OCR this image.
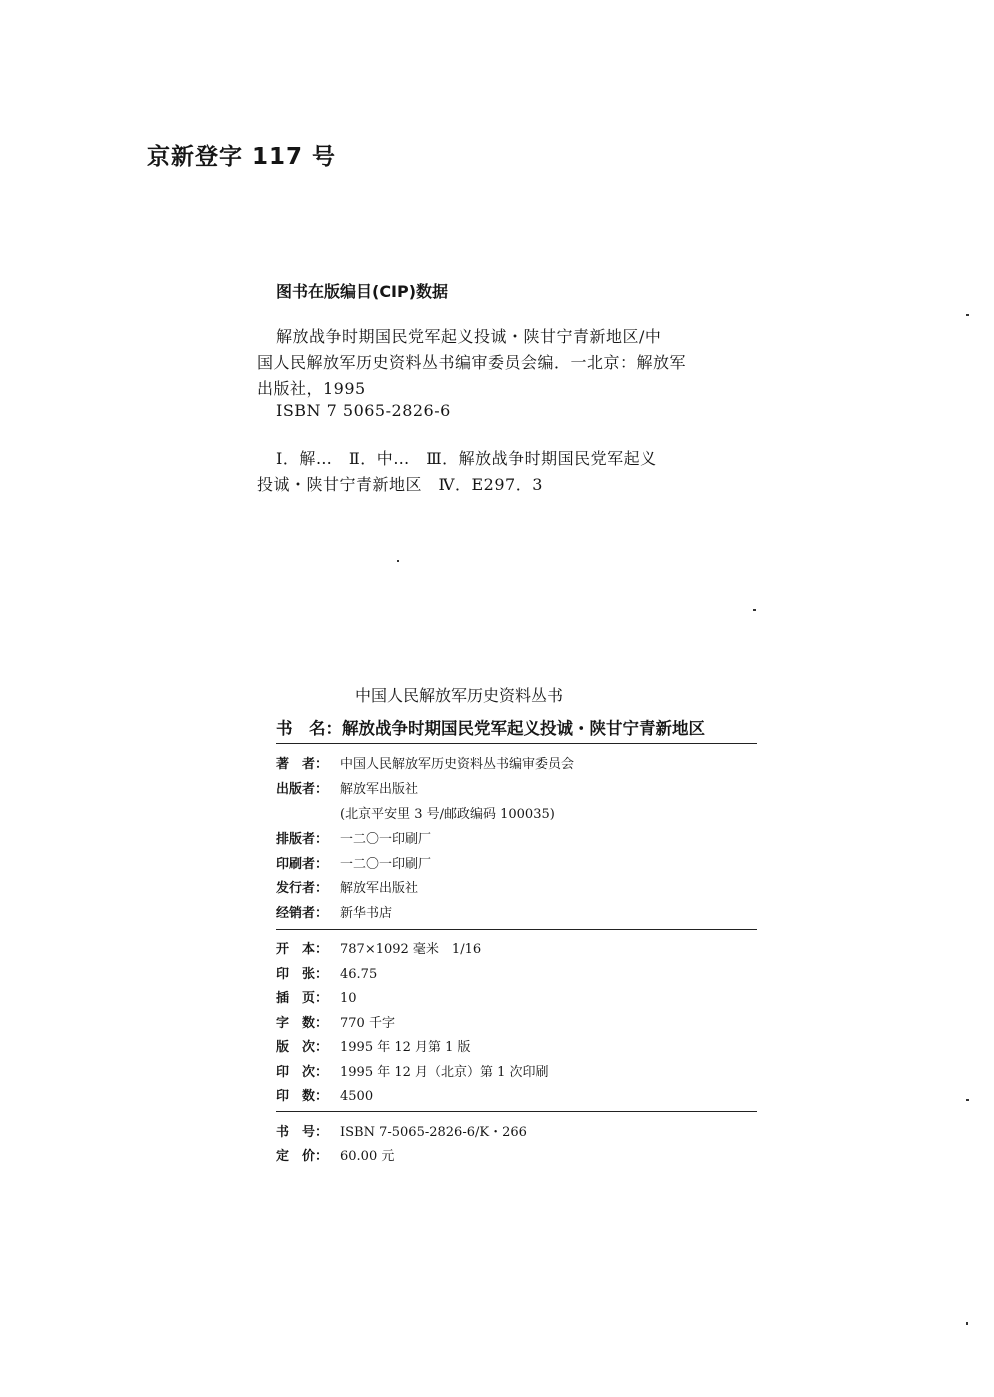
京新登字 117 号
图书在版编目(CIP)数据
解放战争时期国民党军起义投诚・陕甘宁青新地区/中
国人民解放军历史资料丛书编审委员会编．一北京：解放军
出版社，1995
ISBN 7 5065-2826-6
Ⅰ．解…　Ⅱ．中…　Ⅲ．解放战争时期国民党军起义
投诚・陕甘宁青新地区　Ⅳ．E297．3
中国人民解放军历史资料丛书
书　名：解放战争时期国民党军起义投诚・陕甘宁青新地区
著　者： 中国人民解放军历史资料丛书编审委员会
出版者： 解放军出版社
(北京平安里 3 号/邮政编码 100035)
排版者： 一二〇一印刷厂
印刷者： 一二〇一印刷厂
发行者： 解放军出版社
经销者： 新华书店
开　本： 787×1092 毫米　1/16
印　张： 46.75
插　页： 10
字　数： 770 千字
版　次： 1995 年 12 月第 1 版
印　次： 1995 年 12 月（北京）第 1 次印刷
印　数： 4500
书　号： ISBN 7-5065-2826-6/K・266
定　价： 60.00 元
